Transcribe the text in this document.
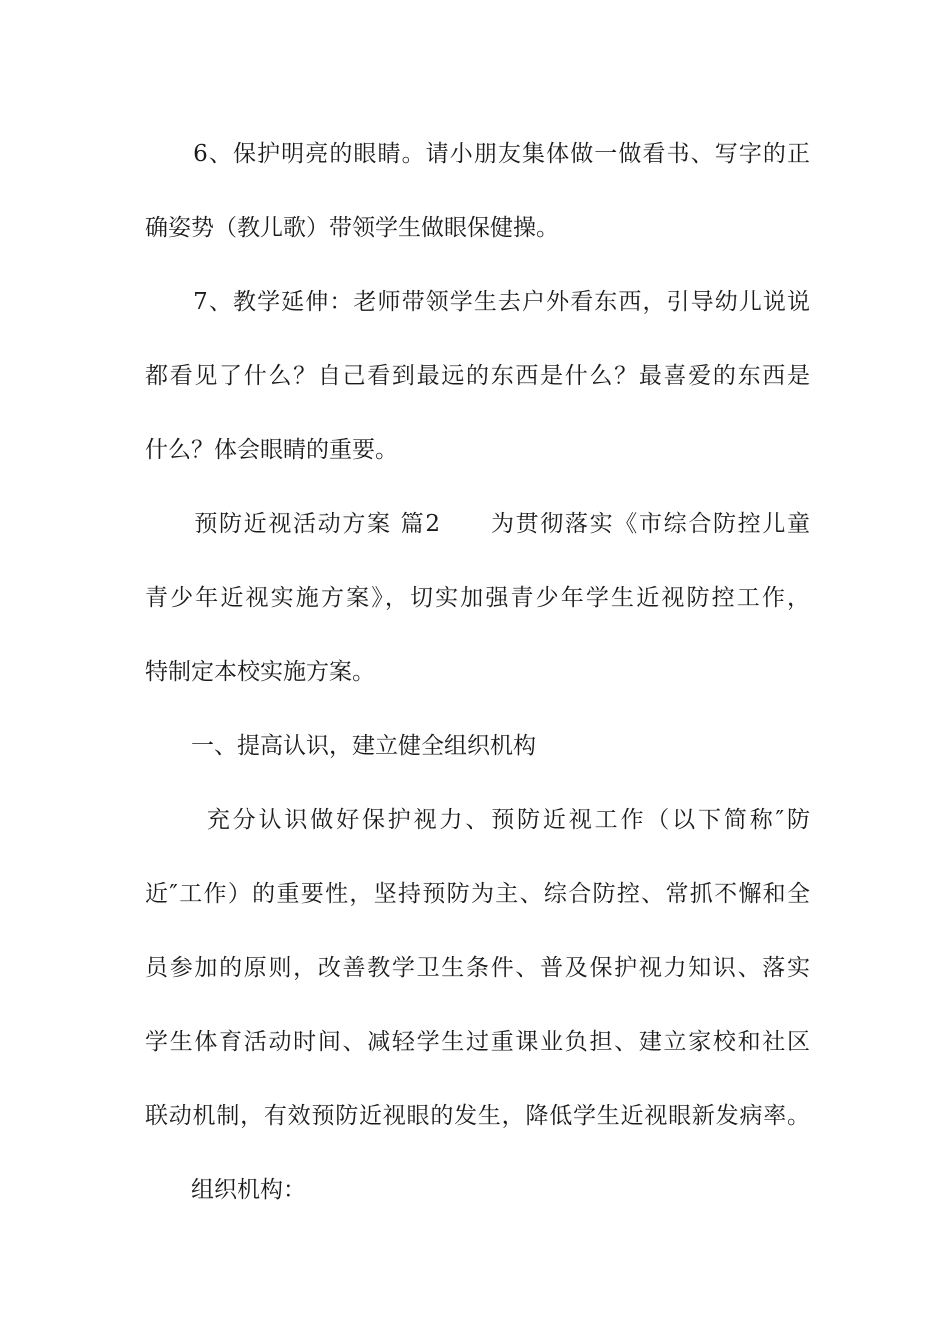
　　6、保护明亮的眼睛。请小朋友集体做一做看书、写字的正
确姿势（教儿歌）带领学生做眼保健操。
　　7、教学延伸：老师带领学生去户外看东西，引导幼儿说说
都看见了什么？自己看到最远的东西是什么？最喜爱的东西是
什么？体会眼睛的重要。
　　预防近视活动方案 篇2　　为贯彻落实《市综合防控儿童
青少年近视实施方案》，切实加强青少年学生近视防控工作，
特制定本校实施方案。
　　一、提高认识，建立健全组织机构
　　 充分认识做好保护视力、预防近视工作（以下简称″防
近″工作）的重要性，坚持预防为主、综合防控、常抓不懈和全
员参加的原则，改善教学卫生条件、普及保护视力知识、落实
学生体育活动时间、减轻学生过重课业负担、建立家校和社区
联动机制，有效预防近视眼的发生，降低学生近视眼新发病率。
　　组织机构：
